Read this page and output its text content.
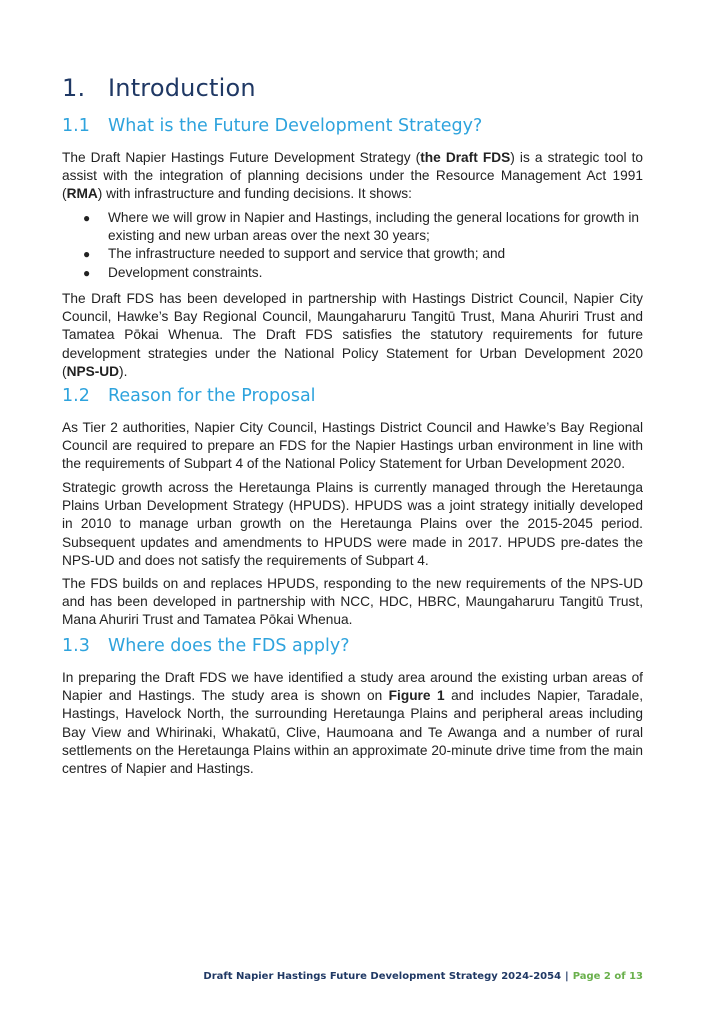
1. Introduction
1.1 What is the Future Development Strategy?

The Draft Napier Hastings Future Development Strategy (the Draft FDS) is a strategic tool to assist with the integration of planning decisions under the Resource Management Act 1991 (RMA) with infrastructure and funding decisions. It shows:

● Where we will grow in Napier and Hastings, including the general locations for growth in existing and new urban areas over the next 30 years;
● The infrastructure needed to support and service that growth; and
● Development constraints.

The Draft FDS has been developed in partnership with Hastings District Council, Napier City Council, Hawke’s Bay Regional Council, Maungaharuru Tangitū Trust, Mana Ahuriri Trust and Tamatea Pōkai Whenua. The Draft FDS satisfies the statutory requirements for future development strategies under the National Policy Statement for Urban Development 2020 (NPS-UD).

1.2 Reason for the Proposal

As Tier 2 authorities, Napier City Council, Hastings District Council and Hawke’s Bay Regional Council are required to prepare an FDS for the Napier Hastings urban environment in line with the requirements of Subpart 4 of the National Policy Statement for Urban Development 2020.

Strategic growth across the Heretaunga Plains is currently managed through the Heretaunga Plains Urban Development Strategy (HPUDS). HPUDS was a joint strategy initially developed in 2010 to manage urban growth on the Heretaunga Plains over the 2015-2045 period. Subsequent updates and amendments to HPUDS were made in 2017. HPUDS pre-dates the NPS-UD and does not satisfy the requirements of Subpart 4.

The FDS builds on and replaces HPUDS, responding to the new requirements of the NPS-UD and has been developed in partnership with NCC, HDC, HBRC, Maungaharuru Tangitū Trust, Mana Ahuriri Trust and Tamatea Pōkai Whenua.

1.3 Where does the FDS apply?

In preparing the Draft FDS we have identified a study area around the existing urban areas of Napier and Hastings. The study area is shown on Figure 1 and includes Napier, Taradale, Hastings, Havelock North, the surrounding Heretaunga Plains and peripheral areas including Bay View and Whirinaki, Whakatū, Clive, Haumoana and Te Awanga and a number of rural settlements on the Heretaunga Plains within an approximate 20-minute drive time from the main centres of Napier and Hastings.

Draft Napier Hastings Future Development Strategy 2024-2054 | Page 2 of 13
